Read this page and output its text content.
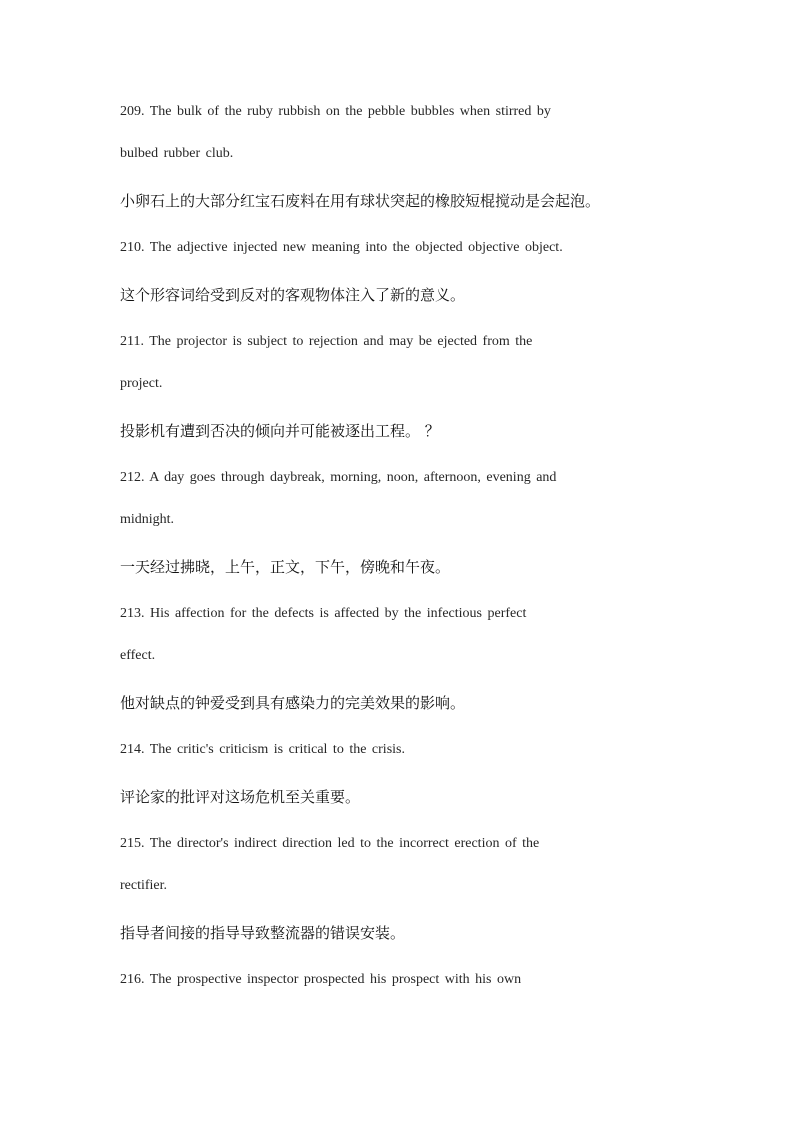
209. The bulk of the ruby rubbish on the pebble bubbles when stirred by
bulbed rubber club.
小卵石上的大部分红宝石废料在用有球状突起的橡胶短棍搅动是会起泡。
210. The adjective injected new meaning into the objected objective object.
这个形容词给受到反对的客观物体注入了新的意义。
211. The projector is subject to rejection and may be ejected from the
project.
投影机有遭到否决的倾向并可能被逐出工程。 ？
212. A day goes through daybreak, morning, noon, afternoon, evening and
midnight.
一天经过拂晓，上午，正文，下午，傍晚和午夜。
213. His affection for the defects is affected by the infectious perfect
effect.
他对缺点的钟爱受到具有感染力的完美效果的影响。
214. The critic's criticism is critical to the crisis.
评论家的批评对这场危机至关重要。
215. The director's indirect direction led to the incorrect erection of the
rectifier.
指导者间接的指导导致整流器的错误安装。
216. The prospective inspector prospected his prospect with his own
